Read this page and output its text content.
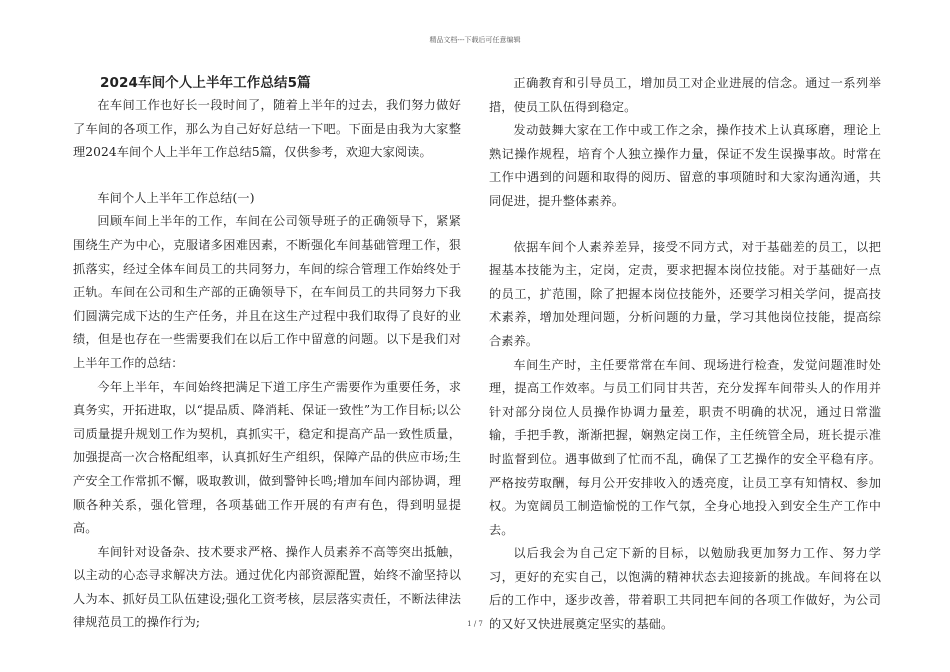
精品文档---下载后可任意编辑

2024车间个人上半年工作总结5篇

在车间工作也好长一段时间了，随着上半年的过去，我们努力做好了车间的各项工作，那么为自己好好总结一下吧。下面是由我为大家整理2024车间个人上半年工作总结5篇，仅供参考，欢迎大家阅读。

车间个人上半年工作总结(一)

回顾车间上半年的工作，车间在公司领导班子的正确领导下，紧紧围绕生产为中心，克服诸多困难因素，不断强化车间基础管理工作，狠抓落实，经过全体车间员工的共同努力，车间的综合管理工作始终处于正轨。车间在公司和生产部的正确领导下，在车间员工的共同努力下我们圆满完成下达的生产任务，并且在这生产过程中我们取得了良好的业绩，但是也存在一些需要我们在以后工作中留意的问题。以下是我们对上半年工作的总结：

今年上半年，车间始终把满足下道工序生产需要作为重要任务，求真务实，开拓进取，以“提品质、降消耗、保证一致性”为工作目标;以公司质量提升规划工作为契机，真抓实干，稳定和提高产品一致性质量，加强提高一次合格配组率，认真抓好生产组织，保障产品的供应市场;生产安全工作常抓不懈，吸取教训，做到警钟长鸣;增加车间内部协调，理顺各种关系，强化管理，各项基础工作开展的有声有色，得到明显提高。

车间针对设备杂、技术要求严格、操作人员素养不高等突出抵触，以主动的心态寻求解决方法。通过优化内部资源配置，始终不渝坚持以人为本、抓好员工队伍建设;强化工资考核，层层落实责任，不断法律法律规范员工的操作行为;

正确教育和引导员工，增加员工对企业进展的信念。通过一系列举措，使员工队伍得到稳定。

发动鼓舞大家在工作中或工作之余，操作技术上认真琢磨，理论上熟记操作规程，培育个人独立操作力量，保证不发生误操事故。时常在工作中遇到的问题和取得的阅历、留意的事项随时和大家沟通沟通，共同促进，提升整体素养。

依据车间个人素养差异，接受不同方式，对于基础差的员工，以把握基本技能为主，定岗，定责，要求把握本岗位技能。对于基础好一点的员工，扩范围，除了把握本岗位技能外，还要学习相关学问，提高技术素养，增加处理问题，分析问题的力量，学习其他岗位技能，提高综合素养。

车间生产时，主任要常常在车间、现场进行检查，发觉问题准时处理，提高工作效率。与员工们同甘共苦，充分发挥车间带头人的作用并针对部分岗位人员操作协调力量差，职责不明确的状况，通过日常滥输，手把手教，渐渐把握，娴熟定岗工作，主任统管全局，班长提示准时监督到位。遇事做到了忙而不乱，确保了工艺操作的安全平稳有序。严格按劳取酬，每月公开安排收入的透亮度，让员工享有知情权、参加权。为宽阔员工制造愉悦的工作气氛，全身心地投入到安全生产工作中去。

以后我会为自己定下新的目标，以勉励我更加努力工作、努力学习，更好的充实自己，以饱满的精神状态去迎接新的挑战。车间将在以后的工作中，逐步改善，带着职工共同把车间的各项工作做好，为公司的又好又快进展奠定坚实的基础。

1 / 7
